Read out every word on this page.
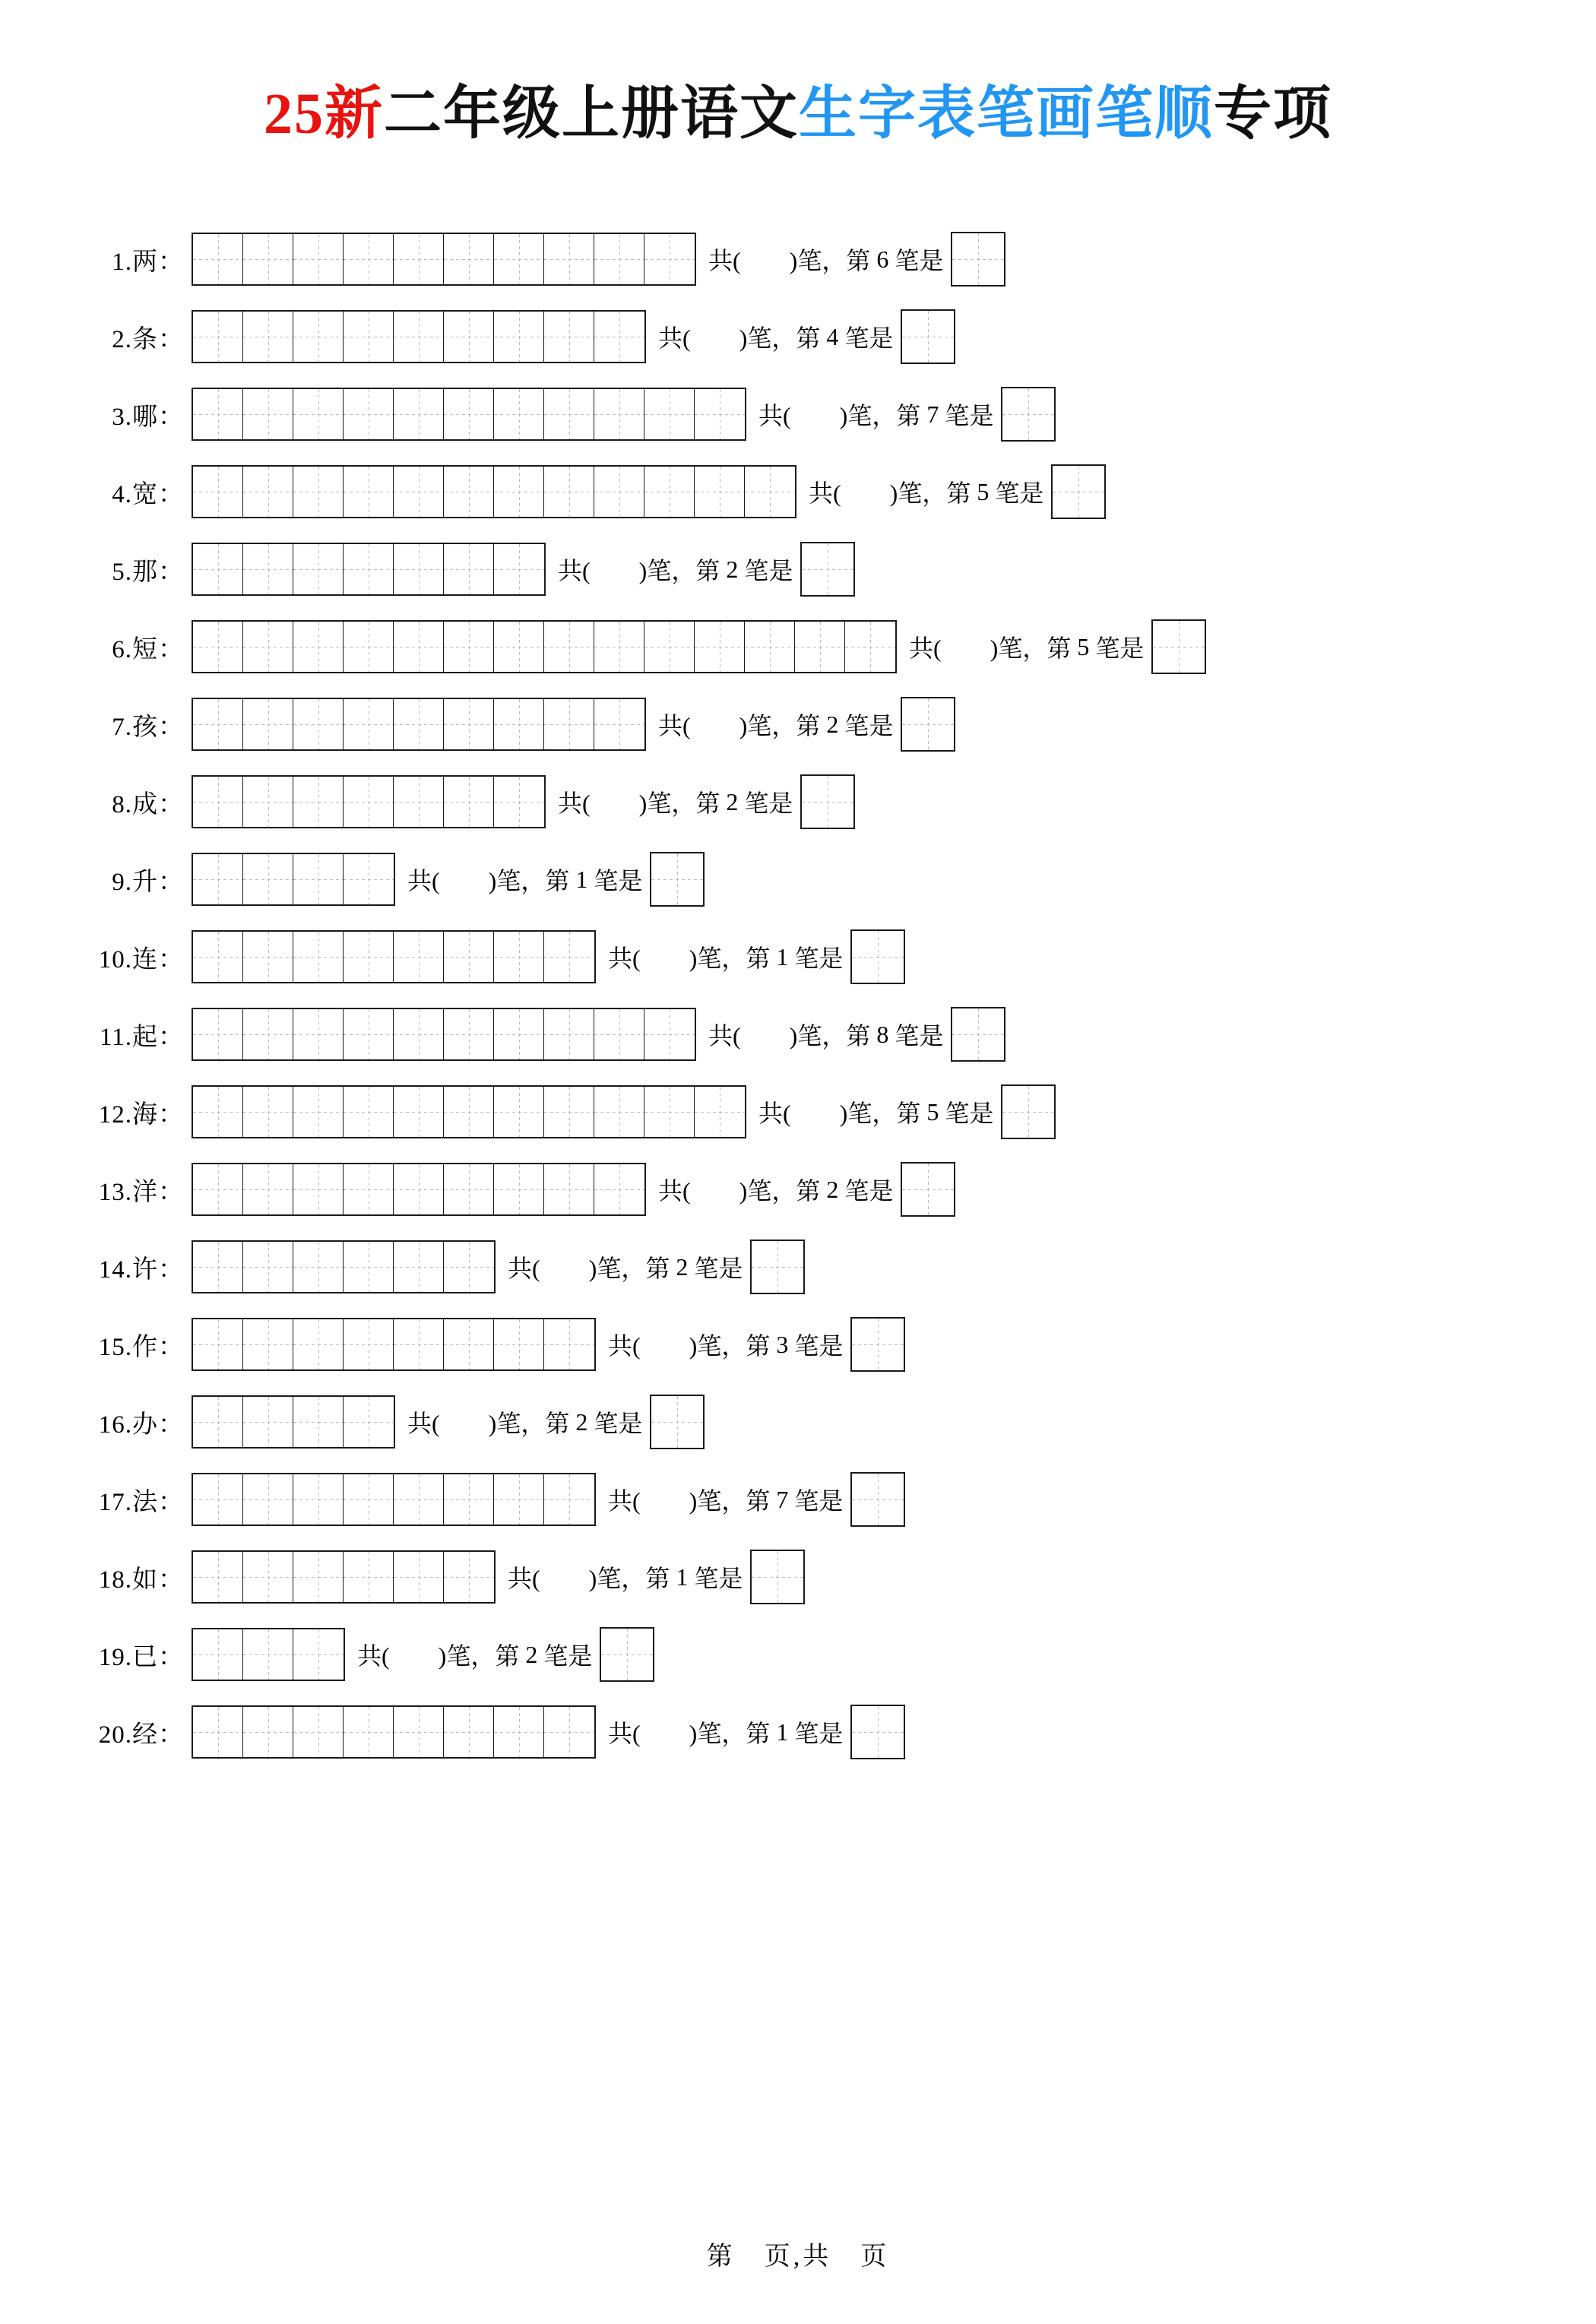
25新二年级上册语文生字表笔画笔顺专项
1.两：	共(
   )笔，第 6 笔是
2.条：	共(
   )笔，第 4 笔是
3.哪：	共(
   )笔，第 7 笔是
4.宽：	共(
   )笔，第 5 笔是
5.那：	共(
   )笔，第 2 笔是
6.短：	共(
   )笔，第 5 笔是
7.孩：	共(
   )笔，第 2 笔是
8.成：	共(
   )笔，第 2 笔是
9.升：	共(
   )笔，第 1 笔是
10.连：	共(
   )笔，第 1 笔是
11.起：	共(
   )笔，第 8 笔是
12.海：	共(
   )笔，第 5 笔是
13.洋：	共(
   )笔，第 2 笔是
14.许：	共(
   )笔，第 2 笔是
15.作：	共(
   )笔，第 3 笔是
16.办：	共(
   )笔，第 2 笔是
17.法：	共(
   )笔，第 7 笔是
18.如：	共(
   )笔，第 1 笔是
19.已：	共(
   )笔，第 2 笔是
20.经：	共(
   )笔，第 1 笔是
第　页,共　页
